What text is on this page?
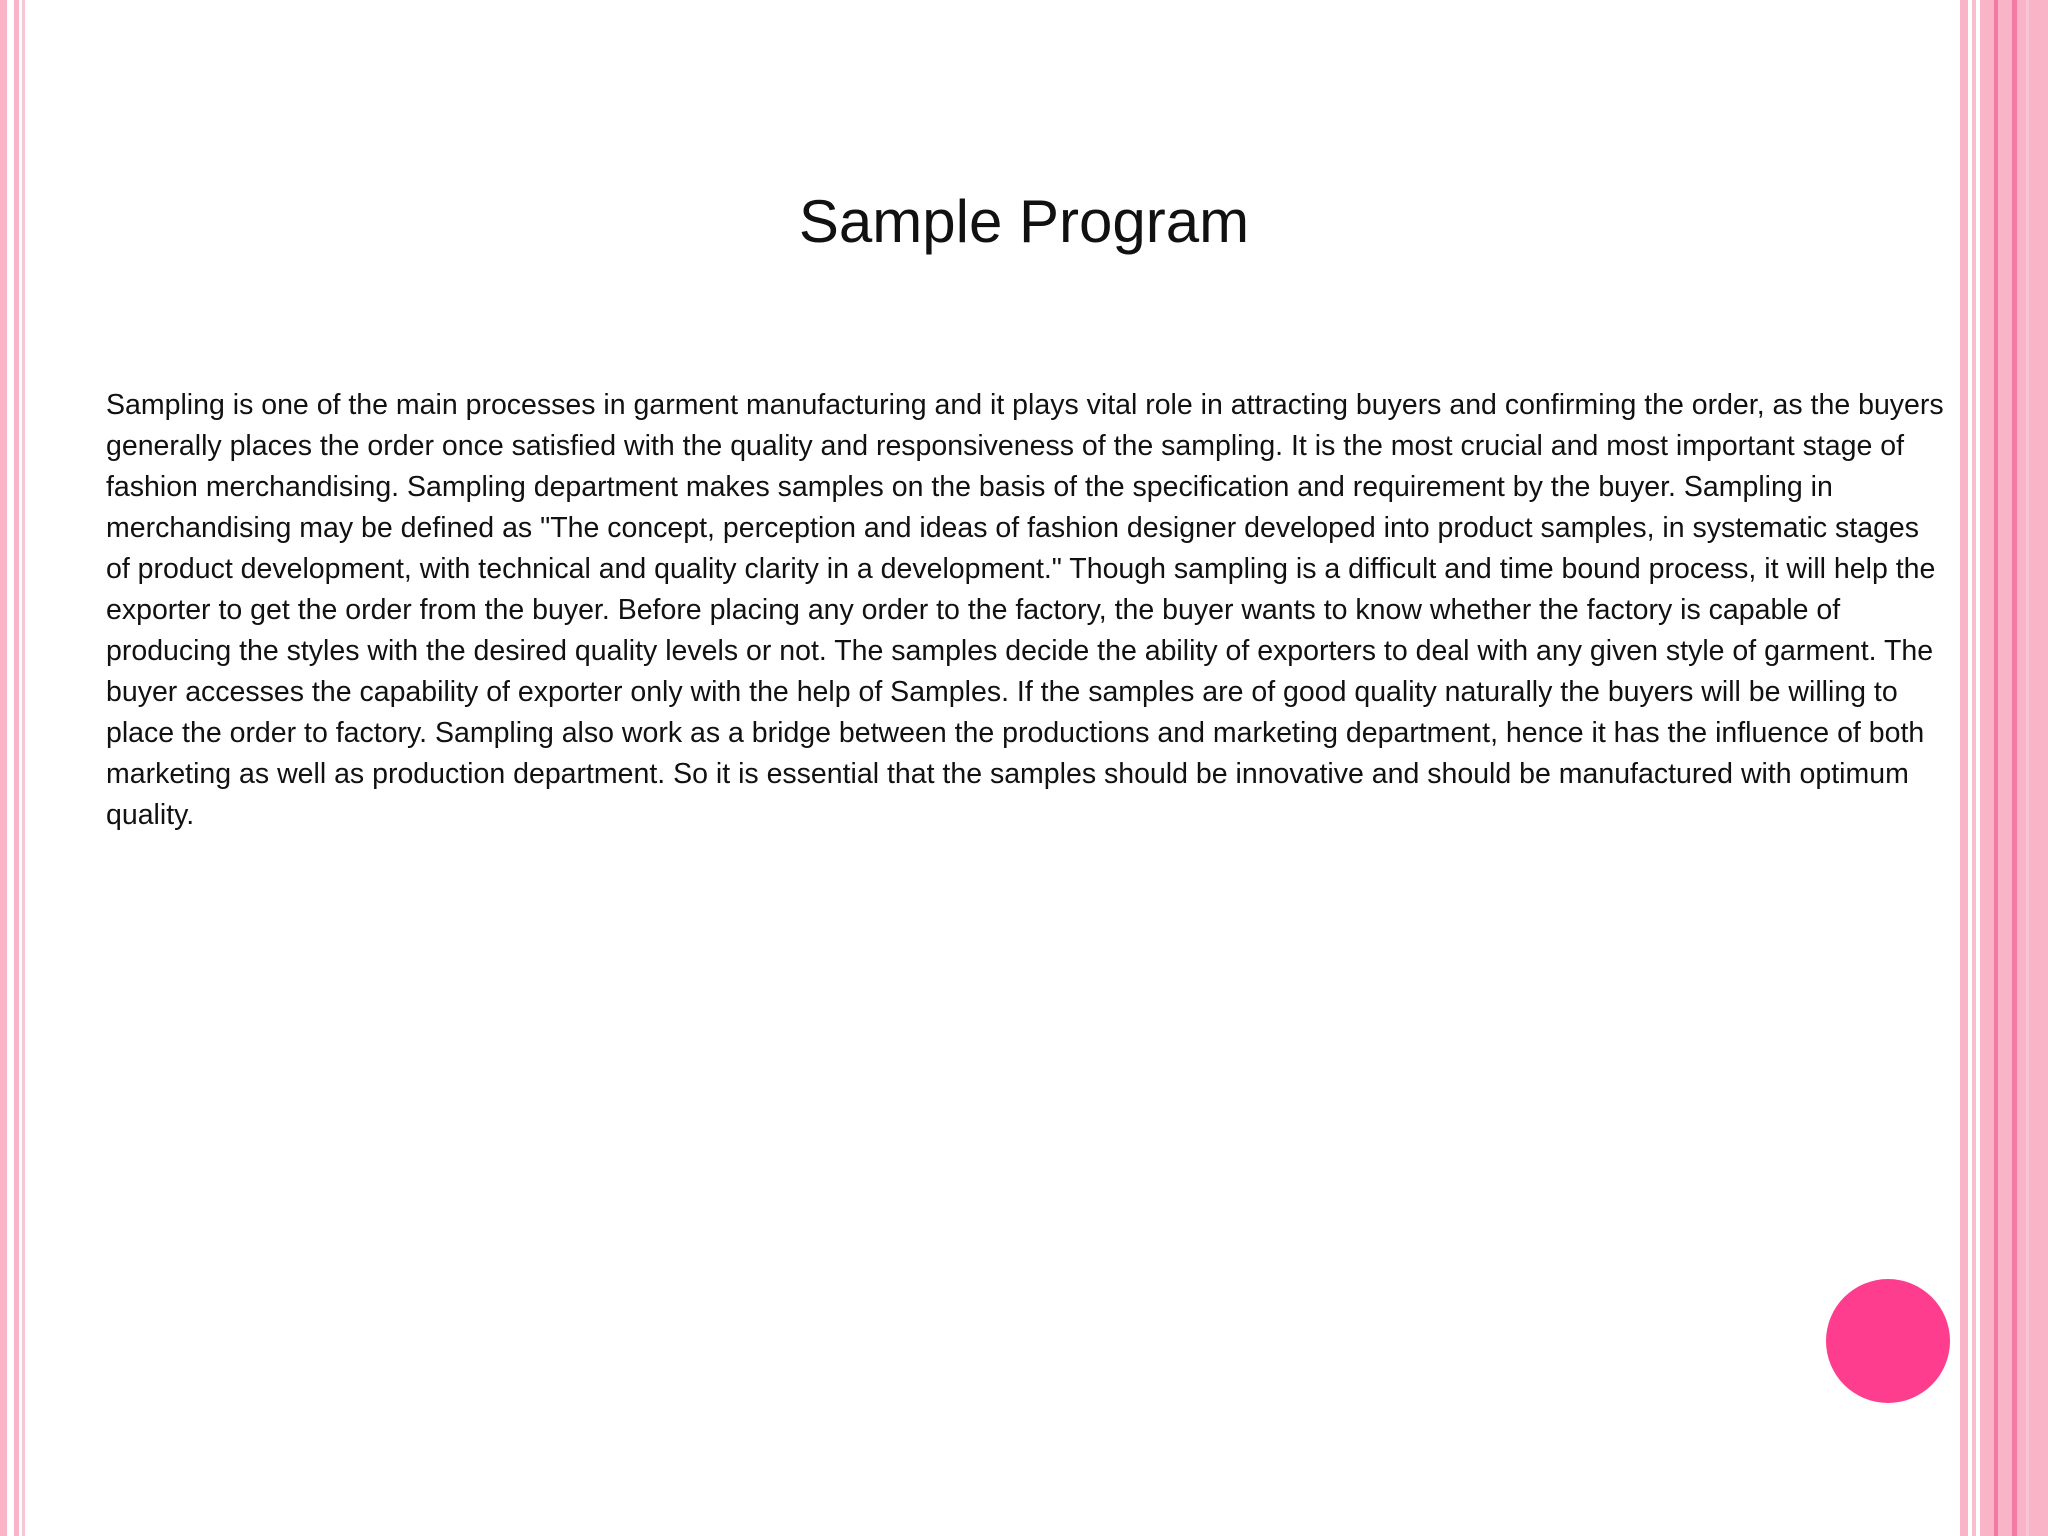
Sample Program
Sampling is one of the main processes in garment manufacturing and it plays vital role in attracting buyers and confirming the order, as the buyers generally places the order once satisfied with the quality and responsiveness of the sampling. It is the most crucial and most important stage of fashion merchandising. Sampling department makes samples on the basis of the specification and requirement by the buyer. Sampling in merchandising may be defined as "The concept, perception and ideas of fashion designer developed into product samples, in systematic stages of product development, with technical and quality clarity in a development." Though sampling is a difficult and time bound process, it will help the exporter to get the order from the buyer. Before placing any order to the factory, the buyer wants to know whether the factory is capable of producing the styles with the desired quality levels or not. The samples decide the ability of exporters to deal with any given style of garment. The buyer accesses the capability of exporter only with the help of Samples. If the samples are of good quality naturally the buyers will be willing to place the order to factory. Sampling also work as a bridge between the productions and marketing department, hence it has the influence of both marketing as well as production department. So it is essential that the samples should be innovative and should be manufactured with optimum quality.
